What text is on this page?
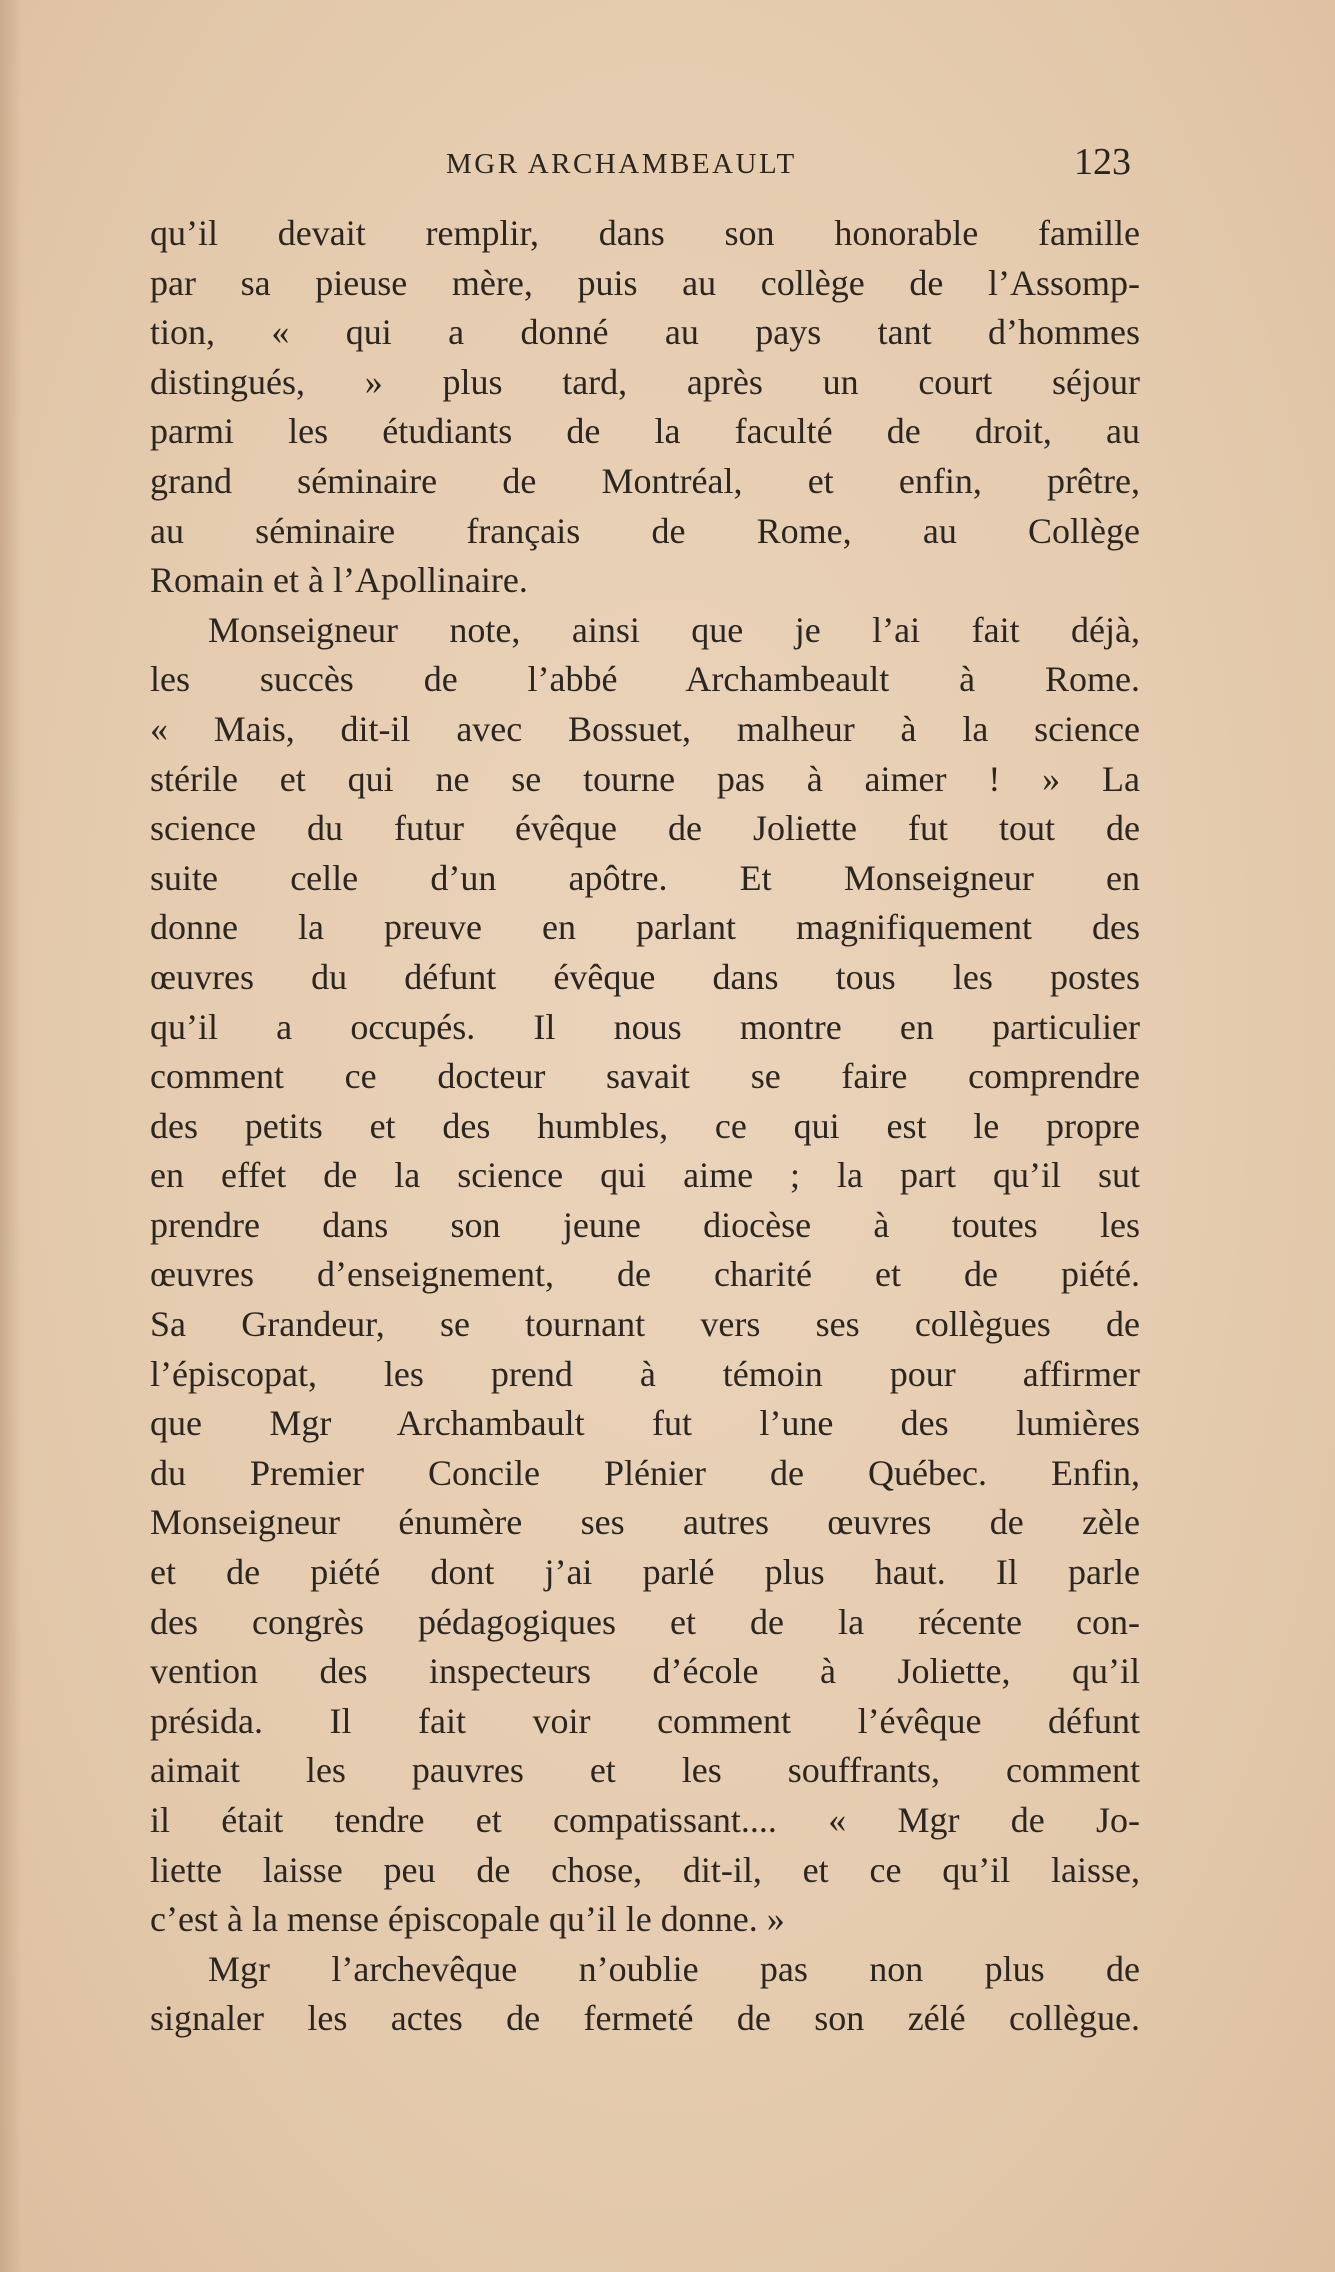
MGR ARCHAMBEAULT	123
qu’il devait remplir, dans son honorable famille
par sa pieuse mère, puis au collège de l’Assomp-
tion, « qui a donné au pays tant d’hommes
distingués, » plus tard, après un court séjour
parmi les étudiants de la faculté de droit, au
grand séminaire de Montréal, et enfin, prêtre,
au séminaire français de Rome, au Collège
Romain et à l’Apollinaire.
Monseigneur note, ainsi que je l’ai fait déjà,
les succès de l’abbé Archambeault à Rome.
« Mais, dit-il avec Bossuet, malheur à la science
stérile et qui ne se tourne pas à aimer ! » La
science du futur évêque de Joliette fut tout de
suite celle d’un apôtre. Et Monseigneur en
donne la preuve en parlant magnifiquement des
œuvres du défunt évêque dans tous les postes
qu’il a occupés. Il nous montre en particulier
comment ce docteur savait se faire comprendre
des petits et des humbles, ce qui est le propre
en effet de la science qui aime ; la part qu’il sut
prendre dans son jeune diocèse à toutes les
œuvres d’enseignement, de charité et de piété.
Sa Grandeur, se tournant vers ses collègues de
l’épiscopat, les prend à témoin pour affirmer
que Mgr Archambault fut l’une des lumières
du Premier Concile Plénier de Québec. Enfin,
Monseigneur énumère ses autres œuvres de zèle
et de piété dont j’ai parlé plus haut. Il parle
des congrès pédagogiques et de la récente con-
vention des inspecteurs d’école à Joliette, qu’il
présida. Il fait voir comment l’évêque défunt
aimait les pauvres et les souffrants, comment
il était tendre et compatissant.... « Mgr de Jo-
liette laisse peu de chose, dit-il, et ce qu’il laisse,
c’est à la mense épiscopale qu’il le donne. »
Mgr l’archevêque n’oublie pas non plus de
signaler les actes de fermeté de son zélé collègue.
